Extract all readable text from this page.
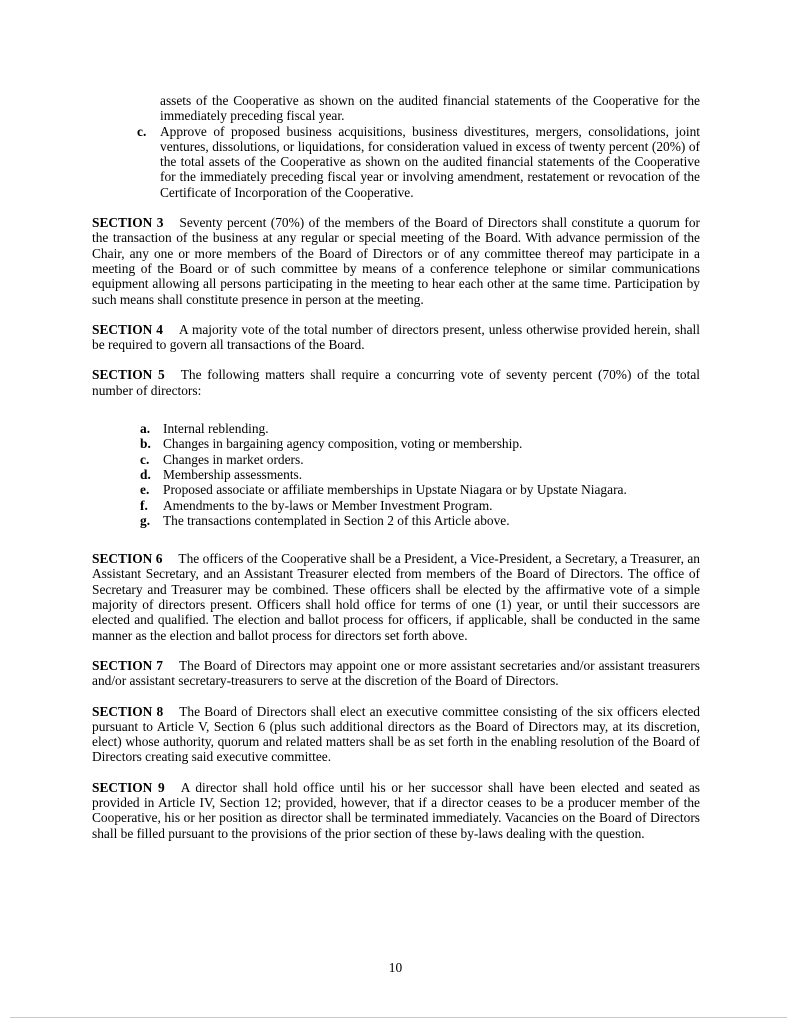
assets of the Cooperative as shown on the audited financial statements of the Cooperative for the immediately preceding fiscal year.

c.	Approve of proposed business acquisitions, business divestitures, mergers, consolidations, joint ventures, dissolutions, or liquidations, for consideration valued in excess of twenty percent (20%) of the total assets of the Cooperative as shown on the audited financial statements of the Cooperative for the immediately preceding fiscal year or involving amendment, restatement or revocation of the Certificate of Incorporation of the Cooperative.

SECTION 3 Seventy percent (70%) of the members of the Board of Directors shall constitute a quorum for the transaction of the business at any regular or special meeting of the Board. With advance permission of the Chair, any one or more members of the Board of Directors or of any committee thereof may participate in a meeting of the Board or of such committee by means of a conference telephone or similar communications equipment allowing all persons participating in the meeting to hear each other at the same time. Participation by such means shall constitute presence in person at the meeting.

SECTION 4 A majority vote of the total number of directors present, unless otherwise provided herein, shall be required to govern all transactions of the Board.

SECTION 5 The following matters shall require a concurring vote of seventy percent (70%) of the total number of directors:

a. Internal reblending.
b. Changes in bargaining agency composition, voting or membership.
c.	Changes in market orders.
d. Membership assessments.
e.	Proposed associate or affiliate memberships in Upstate Niagara or by Upstate Niagara.
f.	Amendments to the by-laws or Member Investment Program.
g. The transactions contemplated in Section 2 of this Article above.

SECTION 6 The officers of the Cooperative shall be a President, a Vice-President, a Secretary, a Treasurer, an Assistant Secretary, and an Assistant Treasurer elected from members of the Board of Directors. The office of Secretary and Treasurer may be combined. These officers shall be elected by the affirmative vote of a simple majority of directors present. Officers shall hold office for terms of one (1) year, or until their successors are elected and qualified. The election and ballot process for officers, if applicable, shall be conducted in the same manner as the election and ballot process for directors set forth above.

SECTION 7 The Board of Directors may appoint one or more assistant secretaries and/or assistant treasurers and/or assistant secretary-treasurers to serve at the discretion of the Board of Directors.

SECTION 8 The Board of Directors shall elect an executive committee consisting of the six officers elected pursuant to Article V, Section 6 (plus such additional directors as the Board of Directors may, at its discretion, elect) whose authority, quorum and related matters shall be as set forth in the enabling resolution of the Board of Directors creating said executive committee.

SECTION 9 A director shall hold office until his or her successor shall have been elected and seated as provided in Article IV, Section 12; provided, however, that if a director ceases to be a producer member of the Cooperative, his or her position as director shall be terminated immediately. Vacancies on the Board of Directors shall be filled pursuant to the provisions of the prior section of these by-laws dealing with the question.

10
